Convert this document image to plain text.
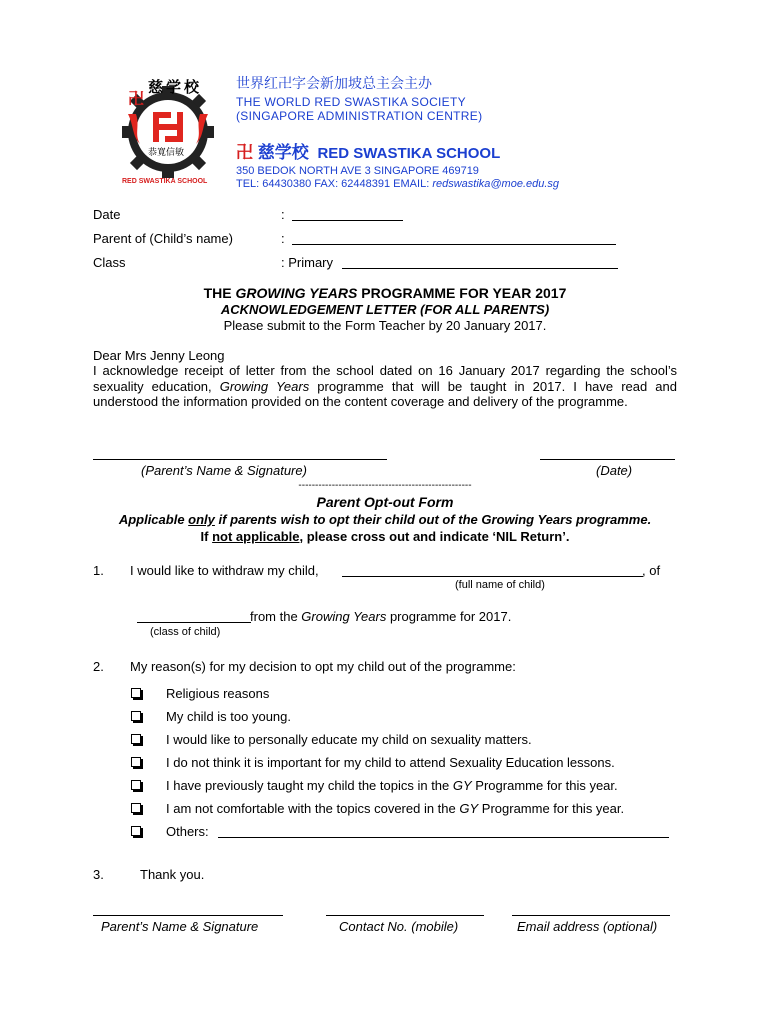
慈学校
卍
恭寬信敏
RED SWASTIKA SCHOOL
世界红卍字会新加坡总主会主办
THE WORLD RED SWASTIKA SOCIETY
(SINGAPORE ADMINISTRATION CENTRE)
卍 慈学校 RED SWASTIKA SCHOOL
350 BEDOK NORTH AVE 3 SINGAPORE 469719
TEL: 64430380 FAX: 62448391 EMAIL: redswastika@moe.edu.sg
Date	:
Parent of (Child’s name)	:
Class	: Primary
THE GROWING YEARS PROGRAMME FOR YEAR 2017
ACKNOWLEDGEMENT LETTER (FOR ALL PARENTS)
Please submit to the Form Teacher by 20 January 2017.
Dear Mrs Jenny Leong
I acknowledge receipt of letter from the school dated on 16 January 2017 regarding the school’s sexuality education, Growing Years programme that will be taught in 2017. I have read and understood the information provided on the content coverage and delivery of the programme.
(Parent’s Name & Signature)	(Date)
----------------------------------------------------
Parent Opt-out Form
Applicable only if parents wish to opt their child out of the Growing Years programme.
If not applicable, please cross out and indicate ‘NIL Return’.
1. I would like to withdraw my child,	, of
(full name of child)
from the Growing Years programme for 2017.
(class of child)
2. My reason(s) for my decision to opt my child out of the programme:
Religious reasons
My child is too young.
I would like to personally educate my child on sexuality matters.
I do not think it is important for my child to attend Sexuality Education lessons.
I have previously taught my child the topics in the GY Programme for this year.
I am not comfortable with the topics covered in the GY Programme for this year.
Others:
3.	Thank you.
Parent’s Name & Signature	Contact No. (mobile)	Email address (optional)
